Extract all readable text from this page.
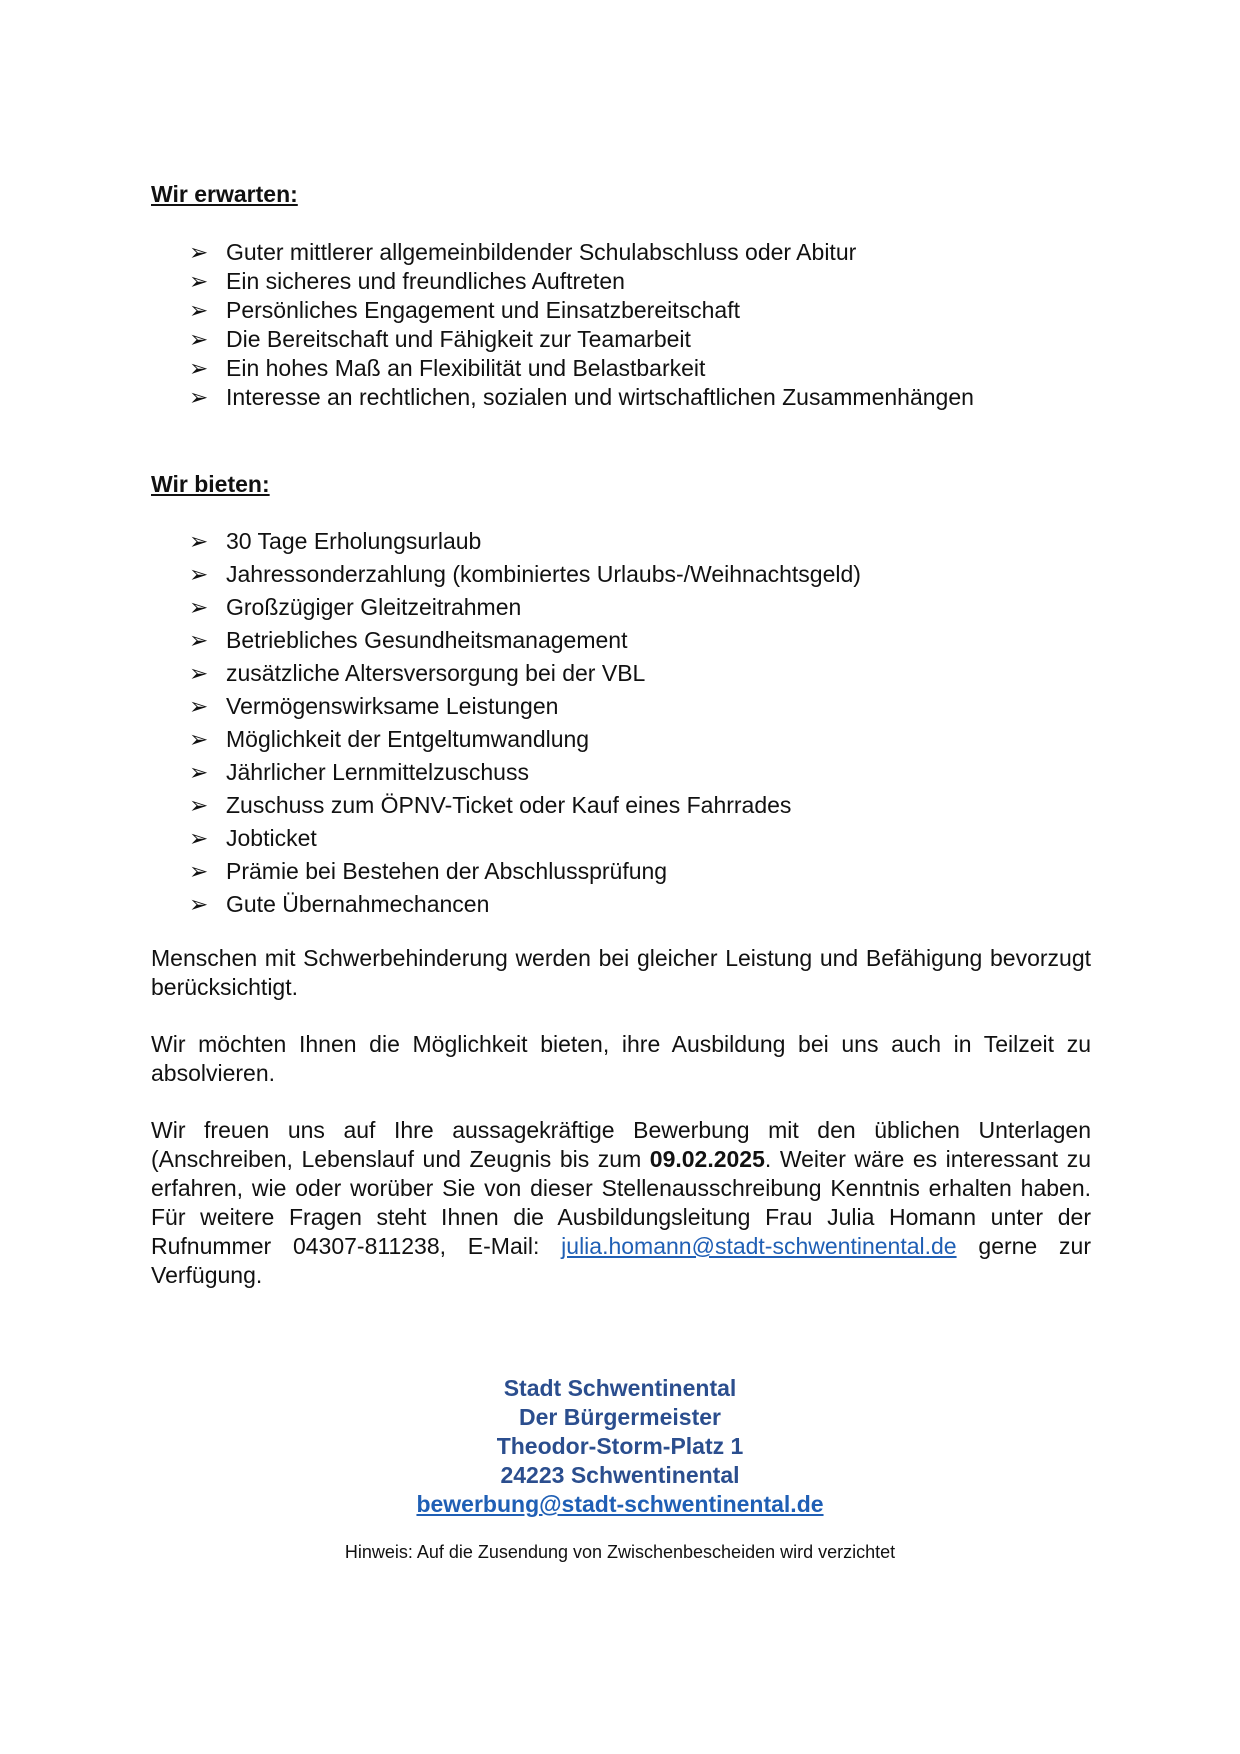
Wir erwarten:
➢ Guter mittlerer allgemeinbildender Schulabschluss oder Abitur
➢ Ein sicheres und freundliches Auftreten
➢ Persönliches Engagement und Einsatzbereitschaft
➢ Die Bereitschaft und Fähigkeit zur Teamarbeit
➢ Ein hohes Maß an Flexibilität und Belastbarkeit
➢ Interesse an rechtlichen, sozialen und wirtschaftlichen Zusammenhängen
Wir bieten:
➢ 30 Tage Erholungsurlaub
➢ Jahressonderzahlung (kombiniertes Urlaubs-/Weihnachtsgeld)
➢ Großzügiger Gleitzeitrahmen
➢ Betriebliches Gesundheitsmanagement
➢ zusätzliche Altersversorgung bei der VBL
➢ Vermögenswirksame Leistungen
➢ Möglichkeit der Entgeltumwandlung
➢ Jährlicher Lernmittelzuschuss
➢ Zuschuss zum ÖPNV-Ticket oder Kauf eines Fahrrades
➢ Jobticket
➢ Prämie bei Bestehen der Abschlussprüfung
➢ Gute Übernahmechancen
Menschen mit Schwerbehinderung werden bei gleicher Leistung und Befähigung bevorzugt berücksichtigt.
Wir möchten Ihnen die Möglichkeit bieten, ihre Ausbildung bei uns auch in Teilzeit zu absolvieren.
Wir freuen uns auf Ihre aussagekräftige Bewerbung mit den üblichen Unterlagen (Anschreiben, Lebenslauf und Zeugnis bis zum 09.02.2025. Weiter wäre es interessant zu erfahren, wie oder worüber Sie von dieser Stellenausschreibung Kenntnis erhalten haben. Für weitere Fragen steht Ihnen die Ausbildungsleitung Frau Julia Homann unter der Rufnummer 04307-811238, E-Mail: julia.homann@stadt-schwentinental.de gerne zur Verfügung.
Stadt Schwentinental
Der Bürgermeister
Theodor-Storm-Platz 1
24223 Schwentinental
bewerbung@stadt-schwentinental.de
Hinweis: Auf die Zusendung von Zwischenbescheiden wird verzichtet
